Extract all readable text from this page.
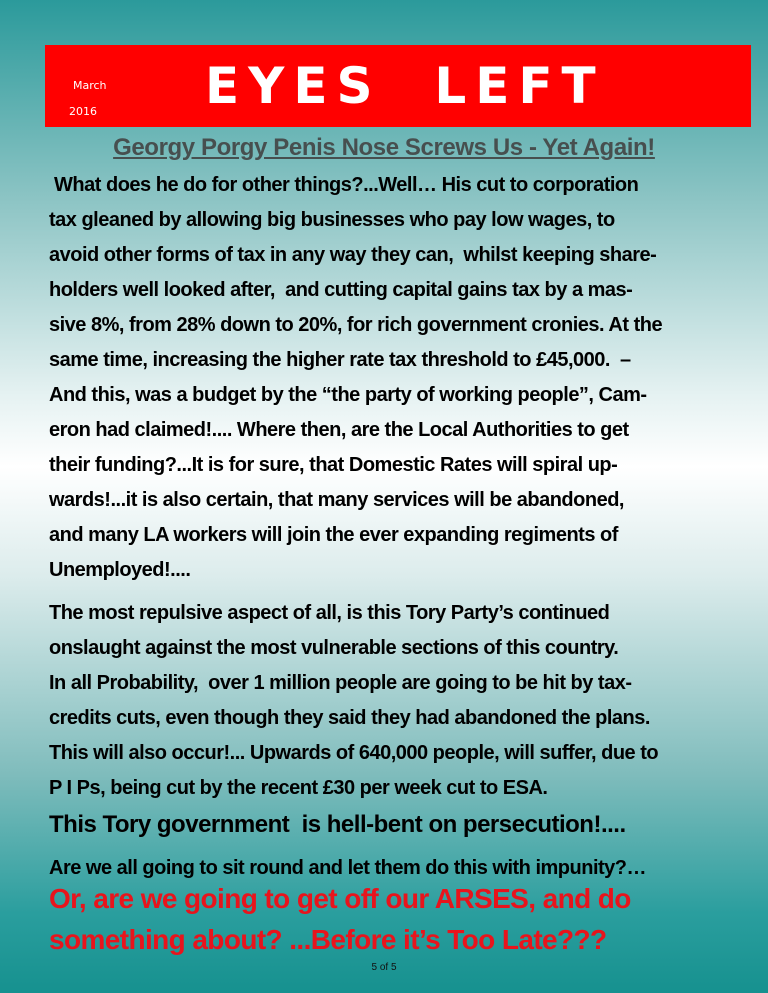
March
2016 EYES  LEFT
Georgy Porgy Penis Nose Screws Us - Yet Again!
What does he do for other things?...Well… His cut to corporation
tax gleaned by allowing big businesses who pay low wages, to
avoid other forms of tax in any way they can,  whilst keeping share-
holders well looked after,  and cutting capital gains tax by a mas-
sive 8%, from 28% down to 20%, for rich government cronies. At the
same time, increasing the higher rate tax threshold to £45,000.  –
And this, was a budget by the “the party of working people”, Cam-
eron had claimed!.... Where then, are the Local Authorities to get
their funding?...It is for sure, that Domestic Rates will spiral up-
wards!...it is also certain, that many services will be abandoned,
and many LA workers will join the ever expanding regiments of
Unemployed!....
The most repulsive aspect of all, is this Tory Party’s continued
onslaught against the most vulnerable sections of this country.
In all Probability,  over 1 million people are going to be hit by tax-
credits cuts, even though they said they had abandoned the plans.
This will also occur!... Upwards of 640,000 people, will suffer, due to
P I Ps, being cut by the recent £30 per week cut to ESA.
This Tory government  is hell-bent on persecution!....
Are we all going to sit round and let them do this with impunity?…
Or, are we going to get off our ARSES, and do
something about? ...Before it’s Too Late???
5 of 5
